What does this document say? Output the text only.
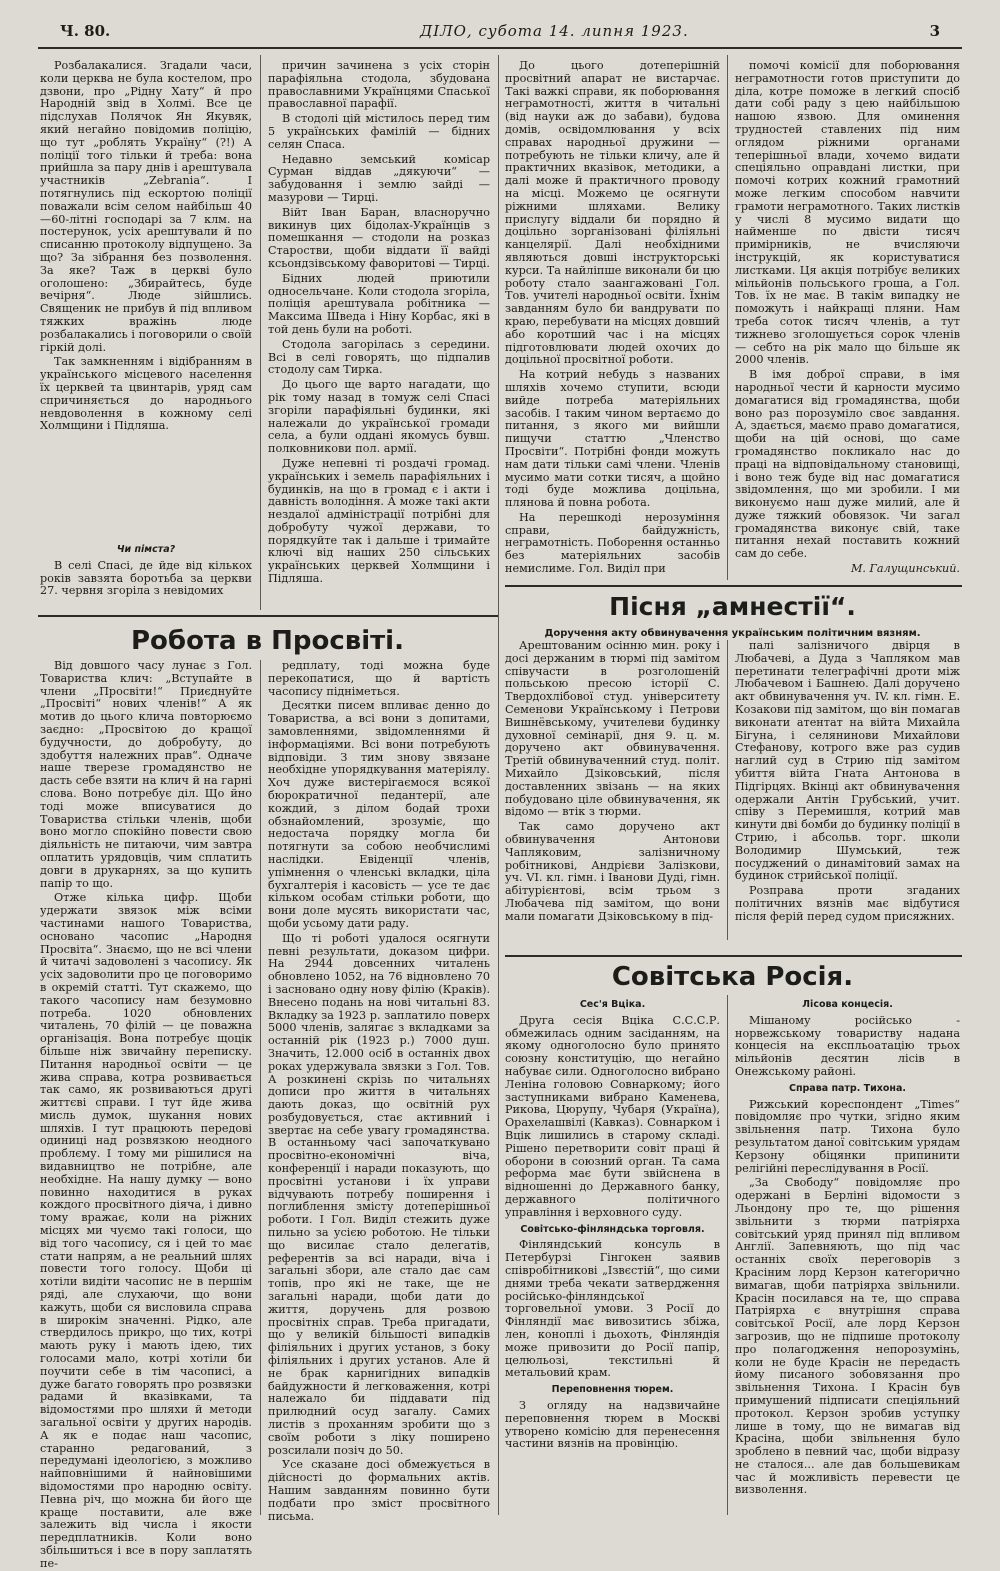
Ч. 80.	ДІЛО, субота 14. липня 1923.	3

Розбалакалися. Згадали часи, коли церква не була костелом, про дзвони, про „Рідну Хату“ й про Народній звід в Холмі. Все це підслухав Полячок Ян Якувяк, який негайно повідомив поліцію, що тут „роблять Україну“ (?!) А поліції того тільки й треба: вона прийшла за пару днів і арештувала участників „Zebrania“. І потягнулись під ескортою поліції поважали всім селом найбільш 40—60-літні господарі за 7 клм. на постерунок, усіх арештували й по списанню протоколу відпущено. За що? За зібрання без позволення. За яке? Таж в церкві було оголошено: „Збирайтесь, буде вечірня“. Люде зійшлись. Священик не прибув й під впливом тяжких вражінь люде розбалакались і поговорили о своїй гіркій долі.

Так замкненням і відібранням в українського місцевого населення їх церквей та цвинтарів, уряд сам спричиняється до народнього невдоволення в кожному селі Холмщини і Підляша.

Чи пімста?

В селі Спасі, де йде від кількох років завзята боротьба за церкви 27. червня згоріла з невідомих

причин зачинена з усіх сторін парафіяльна стодола, збудована православними Українцями Спаської православної парафії.

В стодолі цій містилось перед тим 5 українських фамілій — бідних селян Спаса.

Недавно земський комісар Сурман віддав „дякуючи“ — забудовання і землю зайді — мазурови — Тирці.

Війт Іван Баран, власноручно викинув цих бідолах-Українців з помешкання — стодоли на розказ Старостви, щоби віддати її вайді ксьондзівському фаворитові — Тирці.

Бідних людей приютили односельчане. Коли стодола згоріла, поліція арештувала робітника — Максима Шведа і Ніну Корбас, які в той день були на роботі.

Стодола загорілась з середини. Всі в селі говорять, що підпалив стодолу сам Тирка.

До цього ще варто нагадати, що рік тому назад в томуж селі Спасі згоріли парафіяльні будинки, які належали до української громади села, а були оддані якомусь бувш. полковникови пол. армії.

Дуже непевні ті роздачі громад. українських і земель парафіяльних і будинків, на що в громад є і акти і давність володіння. А може такі акти нездалої адміністрації потрібні для добробуту чужої держави, то порядкуйте так і дальше і тримайте ключі від наших 250 сільських українських церквей Холмщини і Підляша.

До цього дотеперішній просвітний апарат не вистарчає. Такі важкі справи, як поборювання неграмотності, життя в читальні (від науки аж до забави), будова домів, освідомлювання у всіх справах народньої дружини — потребують не тільки кличу, але й практичних вказівок, методики, а далі може й практичного проводу на місці. Можемо це осягнути ріжними шляхами. Велику прислугу віддали би порядно й доцільно зорганізовані філіяльні канцелярії. Далі необхідними являються довші інструкторські курси. Та найліпше виконали би цю роботу стало заангажовані Гол. Тов. учителі народньої освіти. Їхнім завданням було би вандрувати по краю, перебувати на місцях довший або коротший час і на місцях підготовлювати людей охочих до доцільної просвітної роботи.

На котрий небудь з названих шляхів хочемо ступити, всюди вийде потреба матеріяльних засобів. І таким чином вертаємо до питання, з якого ми вийшли пищучи статтю „Членство Просвіти“. Потрібні фонди можуть нам дати тільки самі члени. Членів мусимо мати сотки тисяч, а щойно тоді буде можлива доцільна, плянова й повна робота.

На перешкоді нерозуміння справи, байдужність, неграмотність. Поборення останньо без матеріяльних засобів немислиме. Гол. Виділ при

помочі комісії для поборювання неграмотности готов приступити до діла, котре поможе в легкий спосіб дати собі раду з цею найбільшою нашою язвою. Для оминення трудностей ставлених під ним оглядом ріжними органами теперішньої влади, хочемо видати спеціяльно оправдані листки, при помочі котрих кожний грамотний може легким способом навчити грамоти неграмотного. Таких листків у числі 8 мусимо видати що найменше по двісти тисяч примірників, не вчисляючи інструкцій, як користуватися листками. Ця акція потрібує великих мільйонів польського гроша, а Гол. Тов. їх не має. В такім випадку не поможуть і найкращі пляни. Нам треба соток тисяч членів, а тут тижнево зголошується сорок членів — себто на рік мало що більше як 2000 членів.

В імя доброї справи, в імя народньої чести й карности мусимо домагатися від громадянства, щоби воно раз порозуміло своє завдання. А, здається, маємо право домагатися, щоби на цій основі, що саме громадянство покликало нас до праці на відповідальному становищі, і воно теж буде від нас домагатися звідомлення, що ми зробили. І ми виконуємо наш дуже милий, але й дуже тяжкий обовязок. Чи загал громадянства виконує свій, таке питання нехай поставить кожний сам до себе.

М. Галущинський.
Робота в Просвіті.

Від довшого часу лунає з Гол. Товариства клич: „Вступайте в члени „Просвіти!“ Приєднуйте „Просвіті“ нових членів!“ А як мотив до цього клича повторюємо заєдно: „Просвітою до кращої будучности, до добробуту, до здобуття належних прав“. Одначе наше тверезе громадянство не дасть себе взяти на клич й на гарні слова. Воно потребує діл. Що йно тоді може вписуватися до Товариства стільки членів, щоби воно могло спокійно повести свою діяльність не питаючи, чим завтра оплатить урядовців, чим сплатить довги в друкарнях, за що купить папір то що.

Отже кілька цифр. Щоби удержати звязок між всіми частинами нашого Товариства, основано часопис „Народня Просвіта“. Знаємо, що не всі члени й читачі задоволені з часопису. Як усіх задоволити про це поговоримо в окремій статті. Тут скажемо, що такого часопису нам безумовно потреба. 1020 обновлених читалень, 70 філій — це поважна організація. Вона потребує щоцік більше ніж звичайну переписку. Питання народньої освіти — це жива справа, котра розвивається так само, як розвиваються другі життєві справи. І тут йде жива мисль думок, шукання нових шляхів. І тут працюють передові одиниці над розвязкою неодного проблєму. І тому ми рішилися на видавництво не потрібне, але необхідне. На нашу думку — воно повинно находитися в руках кождого просвітного діяча, і дивно тому вражає, коли на ріжних місцях ми чуємо такі голоси, що від того часопису, ся і цей то має стати напрям, а не реальний шлях повести того голосу. Щоби ці хотіли видіти часопис не в першім ряді, але слухаючи, що вони кажуть, щоби ся висловила справа в широкім значенні. Рідко, але ствердилось прикро, що тих, котрі мають руку і мають ідею, тих голосами мало, котрі хотіли би поучити себе в тім часописі, а дуже багато говорять про розвязки радами й вказівками, та відомостями про шляхи й методи загальної освіти у других народів. А як е подає наш часопис, старанно редагований, з передумані ідеологією, з можливо найповнішими й найновішими відомостями про народню освіту. Певна річ, що можна би його ще краще поставити, але вже залежить від числа і якости передплатників. Коли воно збільшиться і все в пору заплатять пе-

редплату, тоді можна буде перекопатися, що й вартість часопису підніметься.

Десятки писем впливає денно до Товариства, а всі вони з допитами, замовленнями, звідомленнями й інформаціями. Всі вони потребують відповіди. З тим знову звязане необхідне упорядкування матеріялу. Хоч дуже вистерігаємося всякої бюрократичної педантерії, але кождий, з ділом бодай трохи обзнайомлений, зрозуміє, що недостача порядку могла би потягнути за собою необчислимі наслідки. Евіденції членів, упімнення о членські вкладки, ціла бухгалтерія і касовість — усе те дає кільком особам стільки роботи, що вони доле мусять використати час, щоби усьому дати раду.

Що ті роботі удалося осягнути певні результати, доказом цифри. На 2944 довсенних читалень обновлено 1052, на 76 відновлено 70 і засновано одну нову філію (Краків). Внесено подань на нові читальні 83. Вкладку за 1923 р. заплатило поверх 5000 членів, залягає з вкладками за останній рік (1923 р.) 7000 душ. Значить, 12.000 осіб в останніх двох роках удержувала звязки з Гол. Тов. А розкинені скрізь по читальнях дописи про життя в читальнях дають доказ, що освітній рух розбудовується, стає активний і звертає на себе увагу громадянства. В останньому часі започаткувано просвітно-економічні віча, конференції і наради показують, що просвітні установи і їх управи відчувають потребу поширення і поглиблення змісту дотеперішньої роботи. І Гол. Виділ стежить дуже пильно за усією роботою. Не тільки що висилає стало делегатів, референтів за всі наради, віча і загальні збори, але стало дає сам топів, про які не таке, ще не загальні наради, щоби дати до життя, доручень для розвою просвітніх справ. Треба пригадати, що у великій більшості випадків філіяльних і других установ, з боку філіяльних і других установ. Але й не брак карнигідних випадків байдужности й легковаження, котрі належало би піддавати під прилюдний осуд загалу. Самих листів з проханням зробити що з своїм роботи з ліку поширено розсилали позіч до 50.

Усе сказане досі обмежується в дійсності до формальних актів. Нашим завданням повинно бути подбати про зміст просвітного письма.

Пісня „амнестії“.
Доручення акту обвинувачення українським політичним вязням.

Арештованим осінню мин. року і досі держаним в тюрмі під замітом співучасти в розголошеній польською пресою історії С. Твердохлібової студ. університету Семенови Українському і Петрови Вишнёвському, учителеви будинку духовної семінарії, дня 9. ц. м. доручено акт обвинувачення. Третій обвинуваченний студ. політ. Михайло Дзіковський, після доставленних звізань — на яких побудовано ціле обвинувачення, як відомо — втік з тюрми.

Так само доручено акт обвинувачення Антонови Чапляковим, залізничному робітникові, Андрієви Залізкови, уч. VI. кл. гімн. і Іванови Дуді, гімн. абітурієнтові, всім трьом з Любачева під замітом, що вони мали помагати Дзіковському в під-

палі залізничого двірця в Любачеві, а Дуда з Чапляком мав перетинати телеграфічні дроти між Любачевом і Башнею. Далі доручено акт обвинувачення уч. IV. кл. гімн. Е. Козакови під замітом, що він помагав виконати атентат на війта Михайла Бігуна, і селянинови Михайлови Стефанову, котрого вже раз судив наглий суд в Стрию під замітом убиття війта Гната Антонова в Підгірцях. Вкінці акт обвинувачення одержали Антін Грубський, учит. співу з Перемишля, котрий мав кинути дві бомби до будинку поліції в Стрию, і абсольв. торг. школи Володимир Шумський, теж посуджений о динамітовий замах на будинок стрийської поліції.

Розправа проти згаданих політичних вязнів має відбутися після ферій перед судом присяжних.

Совітська Росія.
Сес'я Вціка.

Друга сесія Вціка С.С.С.Р. обмежилась одним засіданням, на якому одноголосно було принято союзну конституцію, що негайно набуває сили. Одноголосно вибрано Леніна головою Совнаркому; його заступниками вибрано Каменева, Рикова, Цюрупу, Чубаря (Україна), Орахелашвілі (Кавказ). Совнарком і Вцік лишились в старому складі. Рішено перетворити совіт праці й оборони в союзний орган. Та сама реформа має бути звійснена в відношенні до Державного банку, державного політичного управління і верховного суду.

Совітсько-фінляндська торговля.

Фінляндський консуль в Петербурзі Гінгокен заявив співробітникові „Ізвєстій“, що сими днями треба чекати затвердження російсько-фінляндської торговельної умови. З Росії до Фінляндії має вивозитись збіжа, лен, коноплі і дьохоть, Фінляндія може привозити до Росії папір, целюльозі, текстильні й метальовий крам.

Переповнення тюрем.

З огляду на надзвичайне переповнення тюрем в Москві утворено комісію для перенесення частини вязнів на провінцію.

Лісова концесія.

Мішаному російсько - норвежському товариству надана концесія на експльоатацію трьох мільйонів десятин лісів в Онежському районі.

Справа патр. Тихона.

Рижський кореспондент „Times“ повідомляє про чутки, згідно яким звільнення патр. Тихона було результатом даної совітським урядам Керзону обіцянки припинити релігійні переслідування в Росії.

„За Свободу“ повідомляє про одержані в Берліні відомости з Льондону про те, що рішення звільнити з тюрми патріярха совітський уряд принял під впливом Англії. Запевняють, що під час останніх своїх переговорів з Красіним лорд Керзон категорично вимагав, щоби патріярха звільнили. Красін посилався на те, що справа Патріярха є внутрішня справа совітської Росії, але лорд Керзон загрозив, що не підпише протоколу про полагодження непорозумінь, коли не буде Красін не передасть йому писаного зобовязання про звільнення Тихона. І Красін був примушений підписати спеціяльний протокол. Керзон зробив уступку лише в тому, що не вимагав від Красіна, щоби звільнення було зроблено в певний час, щоби відразу не сталося... але дав большевикам час й можливість перевести це визволення.
